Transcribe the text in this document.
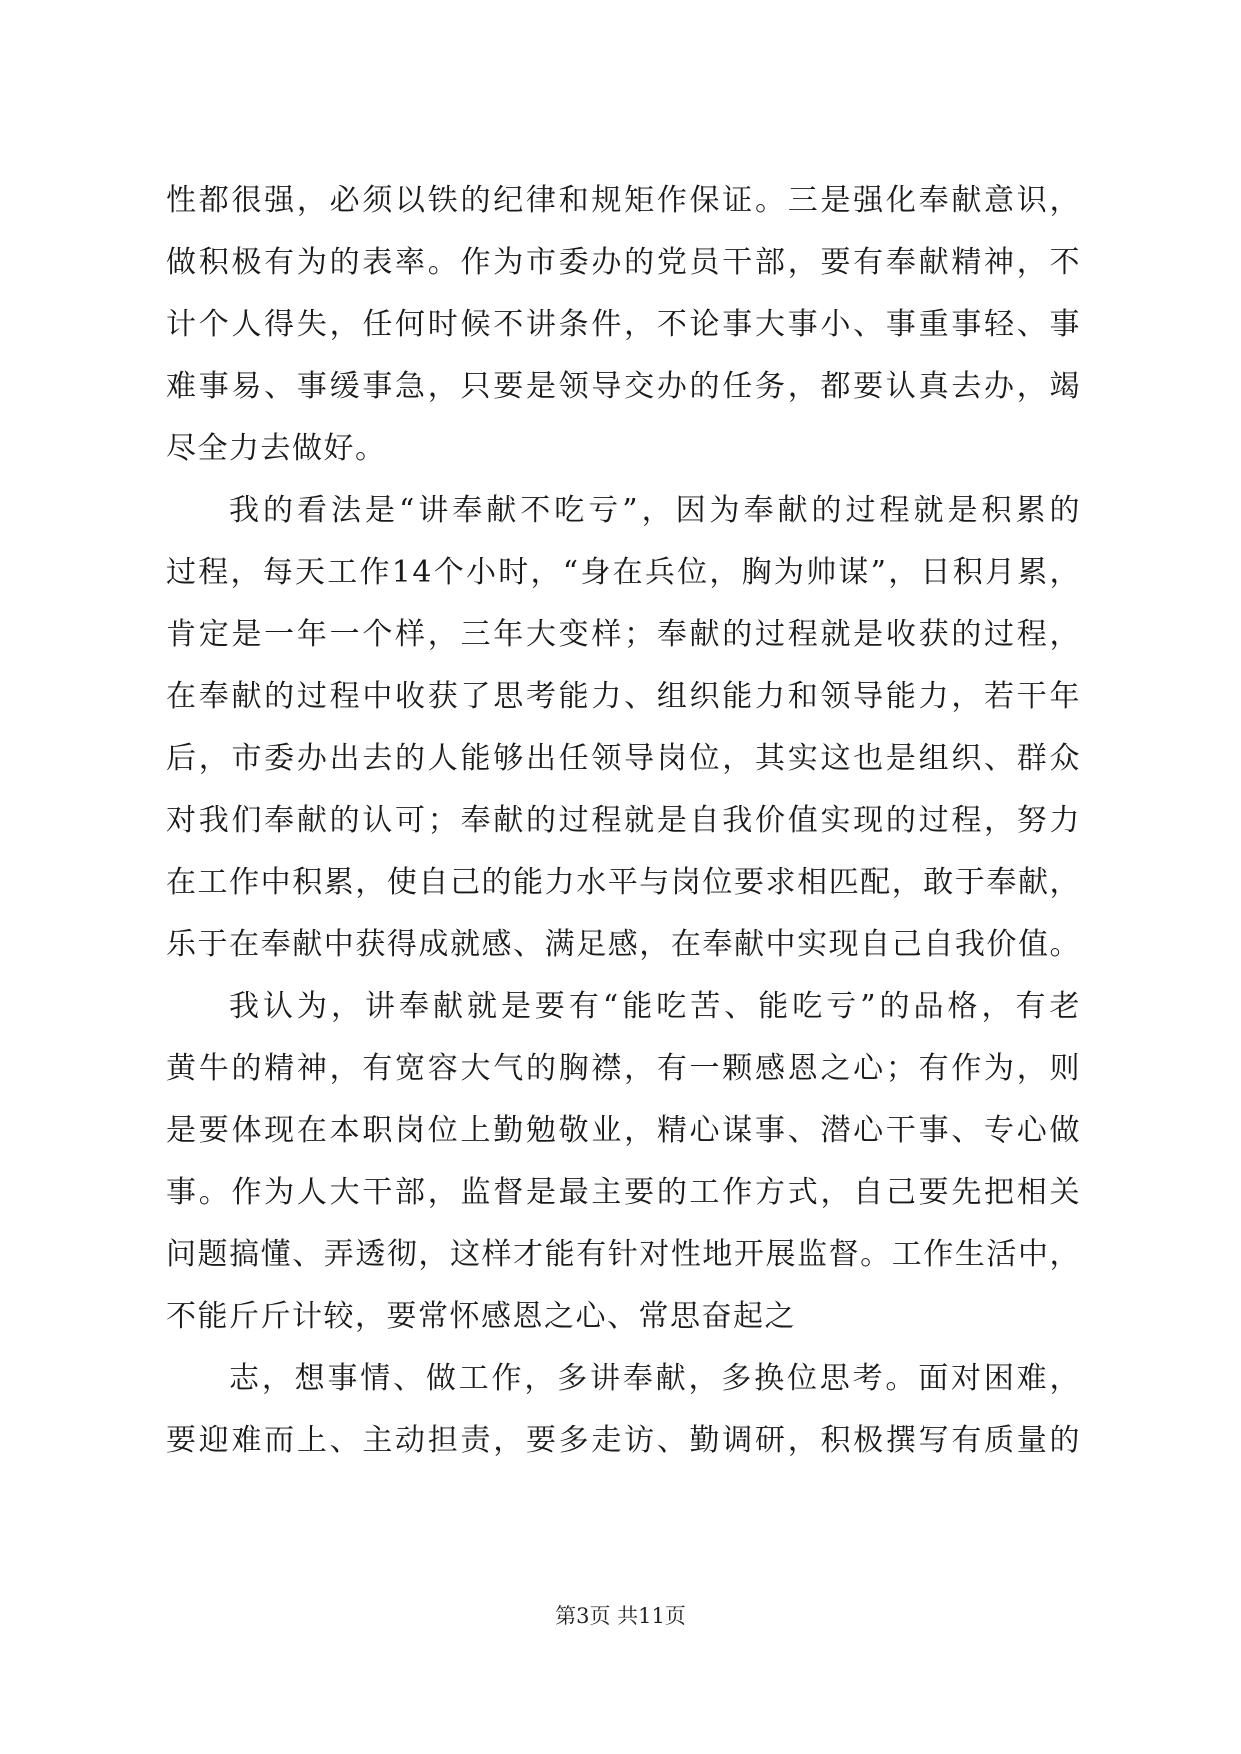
性都很强，必须以铁的纪律和规矩作保证。三是强化奉献意识，
做积极有为的表率。作为市委办的党员干部，要有奉献精神，不
计个人得失，任何时候不讲条件，不论事大事小、事重事轻、事
难事易、事缓事急，只要是领导交办的任务，都要认真去办，竭
尽全力去做好。
我的看法是“讲奉献不吃亏”，因为奉献的过程就是积累的
过程，每天工作14个小时，“身在兵位，胸为帅谋”，日积月累，
肯定是一年一个样，三年大变样；奉献的过程就是收获的过程，
在奉献的过程中收获了思考能力、组织能力和领导能力，若干年
后，市委办出去的人能够出任领导岗位，其实这也是组织、群众
对我们奉献的认可；奉献的过程就是自我价值实现的过程，努力
在工作中积累，使自己的能力水平与岗位要求相匹配，敢于奉献，
乐于在奉献中获得成就感、满足感，在奉献中实现自己自我价值。
我认为，讲奉献就是要有“能吃苦、能吃亏”的品格，有老
黄牛的精神，有宽容大气的胸襟，有一颗感恩之心；有作为，则
是要体现在本职岗位上勤勉敬业，精心谋事、潜心干事、专心做
事。作为人大干部，监督是最主要的工作方式，自己要先把相关
问题搞懂、弄透彻，这样才能有针对性地开展监督。工作生活中，
不能斤斤计较，要常怀感恩之心、常思奋起之
志，想事情、做工作，多讲奉献，多换位思考。面对困难，
要迎难而上、主动担责，要多走访、勤调研，积极撰写有质量的
第3页 共11页
